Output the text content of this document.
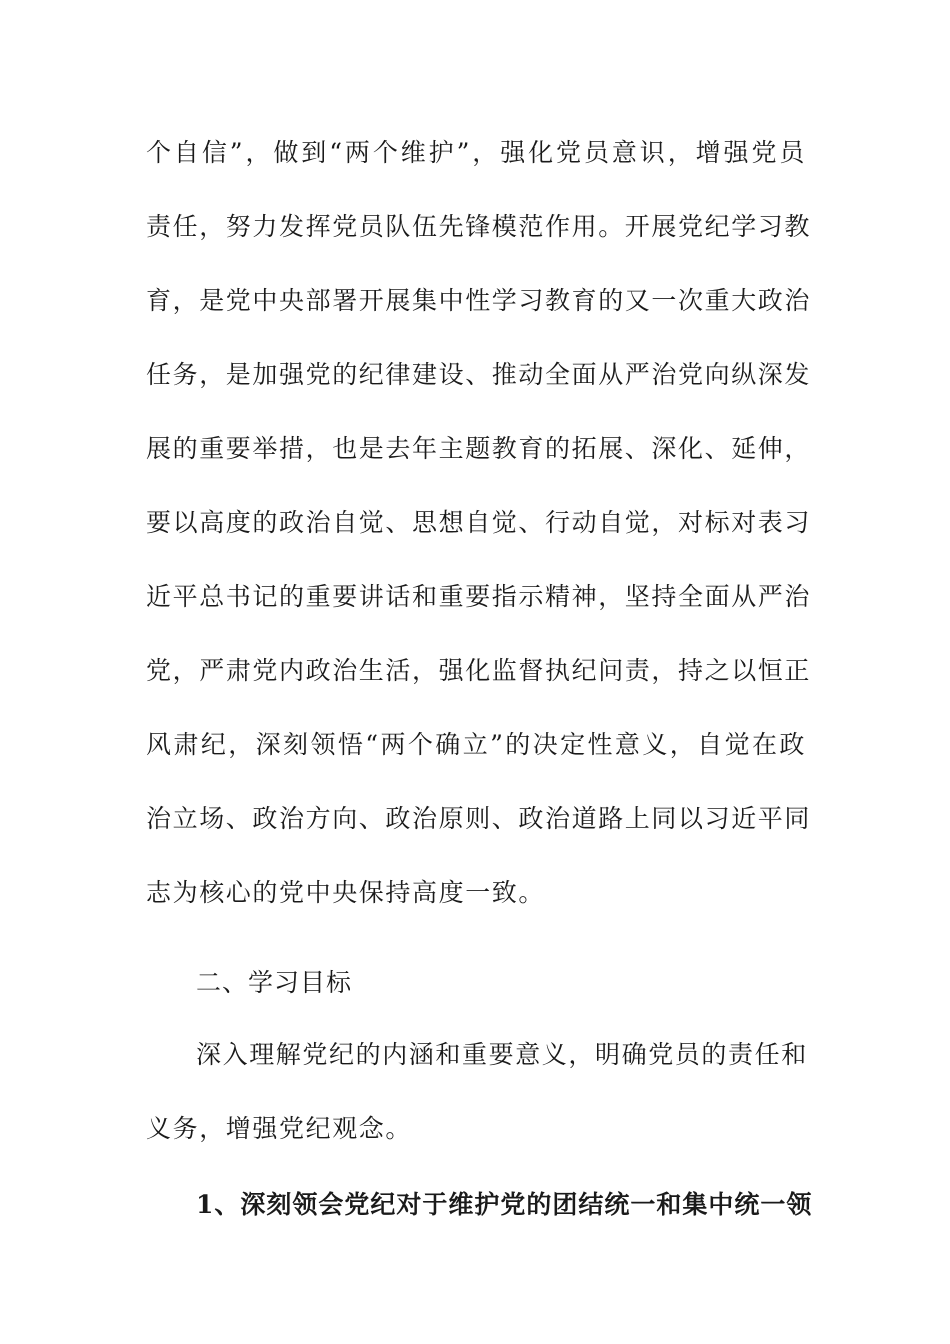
个自信”，做到“两个维护”，强化党员意识，增强党员
责任，努力发挥党员队伍先锋模范作用。开展党纪学习教
育，是党中央部署开展集中性学习教育的又一次重大政治
任务，是加强党的纪律建设、推动全面从严治党向纵深发
展的重要举措，也是去年主题教育的拓展、深化、延伸，
要以高度的政治自觉、思想自觉、行动自觉，对标对表习
近平总书记的重要讲话和重要指示精神，坚持全面从严治
党，严肃党内政治生活，强化监督执纪问责，持之以恒正
风肃纪，深刻领悟“两个确立”的决定性意义，自觉在政
治立场、政治方向、政治原则、政治道路上同以习近平同
志为核心的党中央保持高度一致。
二、学习目标
深入理解党纪的内涵和重要意义，明确党员的责任和
义务，增强党纪观念。
1、深刻领会党纪对于维护党的团结统一和集中统一领
